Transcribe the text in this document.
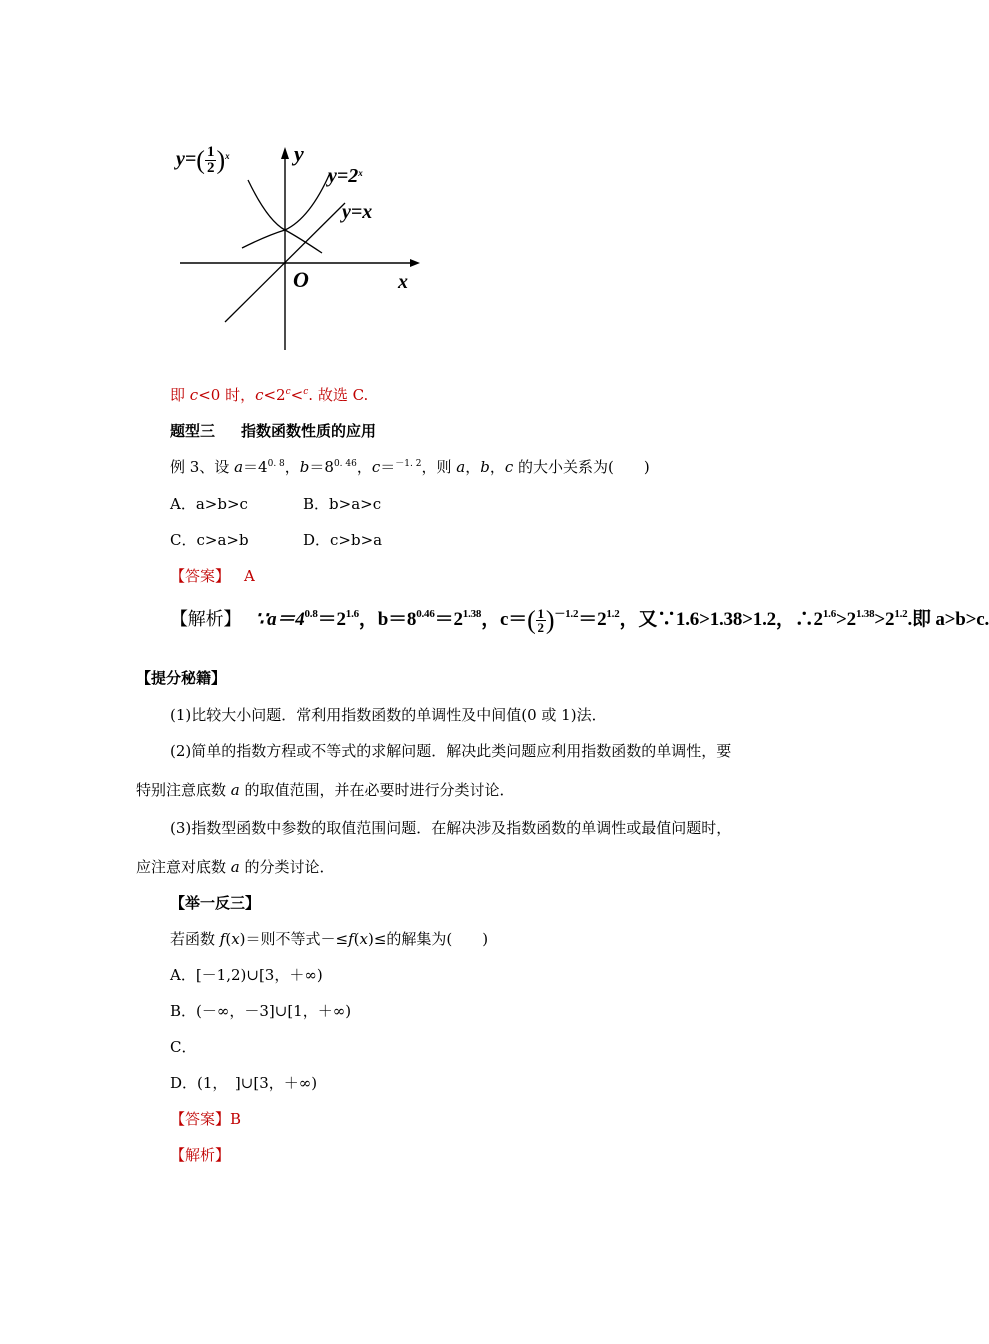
$y=( \frac{1}{2} )^x$	y
$y=2^x$
y=x
O	x
即 c<0 时，$c<2^c<^c$. 故选 C.
题型三 指数函数性质的应用
例 3、设 $a=4^{0. 8}$，$b=8^{0. 46}$，c＝$^{-1. 2}$，则 a，b，c 的大小关系为(　　)
A．a>b>c	B．b>a>c
C．c>a>b	D．c>b>a
【答案】 A
【解析】 $\because a=4^{0.8}=2^{1.6}$，$b=8^{0.46}=2^{1.38}$，$c=( \frac{1}{2} )^{-1.2}=2^{1.2}$，又∵1.6>1.38>1.2，$\therefore 2^{1.6}>2^{1.38}>2^{1.2}$.即 a>b>c.
【提分秘籍】
(1)比较大小问题．常利用指数函数的单调性及中间值(0 或 1)法．
(2)简单的指数方程或不等式的求解问题．解决此类问题应利用指数函数的单调性，要
特别注意底数 a 的取值范围，并在必要时进行分类讨论．
(3)指数型函数中参数的取值范围问题．在解决涉及指数函数的单调性或最值问题时，
应注意对底数 a 的分类讨论．
【举一反三】
若函数 f(x)＝则不等式－≤f(x)≤的解集为(　　)
A．[－1,2)∪[3，＋∞)
B．(－∞，－3]∪[1，＋∞)
C．
D．(1，　]∪[3，＋∞)
【答案】B
【解析】
